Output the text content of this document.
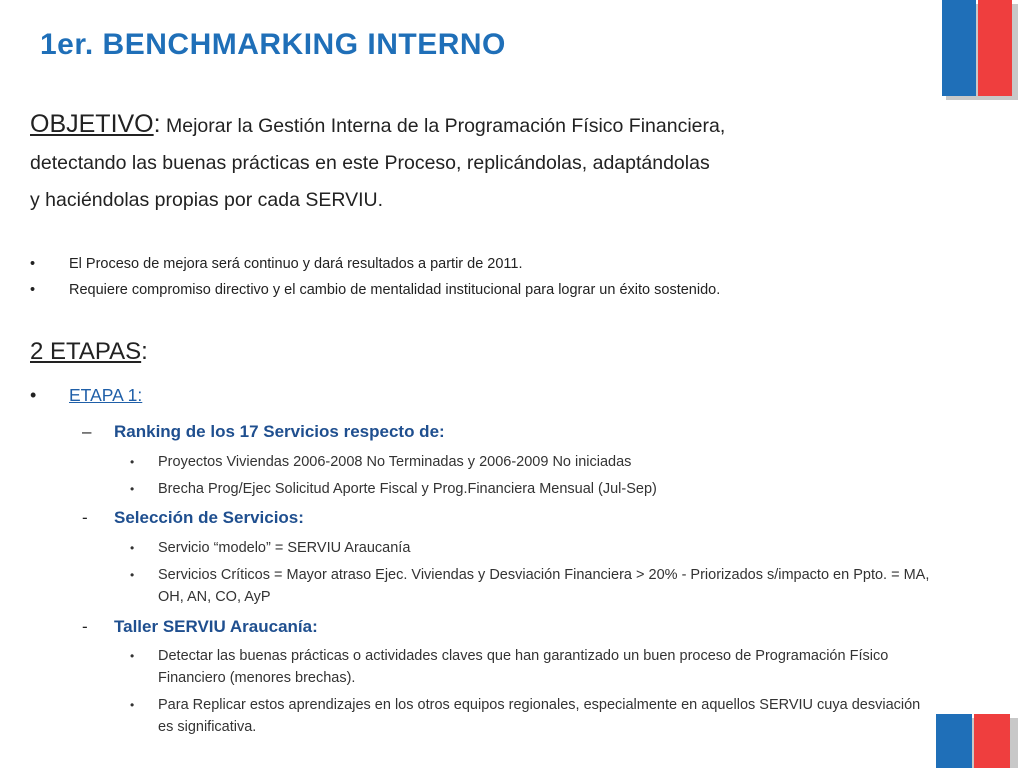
1er. BENCHMARKING INTERNO
OBJETIVO: Mejorar la Gestión Interna de la Programación Físico Financiera,
detectando las buenas prácticas en este Proceso, replicándolas, adaptándolas
y haciéndolas propias por cada SERVIU.
• El Proceso de mejora será continuo y dará resultados a partir de 2011.
• Requiere compromiso directivo y el cambio de mentalidad institucional para lograr un éxito sostenido.
2 ETAPAS:
• ETAPA 1:
– Ranking de los 17 Servicios respecto de:
• Proyectos Viviendas 2006-2008 No Terminadas y 2006-2009 No iniciadas
• Brecha Prog/Ejec Solicitud Aporte Fiscal y Prog.Financiera Mensual (Jul-Sep)
- Selección de Servicios:
• Servicio “modelo” = SERVIU Araucanía
• Servicios Críticos = Mayor atraso Ejec. Viviendas y Desviación Financiera > 20% - Priorizados s/impacto en Ppto. = MA, OH, AN, CO, AyP
- Taller SERVIU Araucanía:
• Detectar las buenas prácticas o actividades claves que han garantizado un buen proceso de Programación Físico Financiero (menores brechas).
• Para Replicar estos aprendizajes en los otros equipos regionales, especialmente en aquellos SERVIU cuya desviación es significativa.
